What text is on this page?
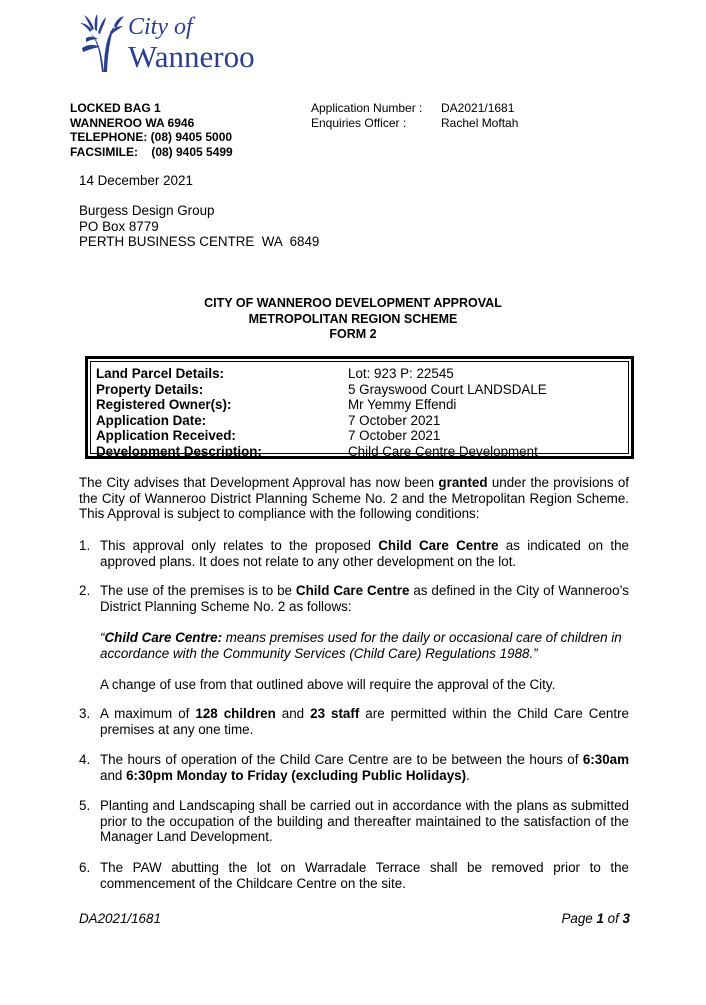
City of
Wanneroo
LOCKED BAG 1
WANNEROO WA 6946
TELEPHONE: (08) 9405 5000
FACSIMILE:    (08) 9405 5499
Application Number :
Enquiries Officer :
DA2021/1681
Rachel Moftah
14 December 2021
Burgess Design Group
PO Box 8779
PERTH BUSINESS CENTRE  WA  6849
CITY OF WANNEROO DEVELOPMENT APPROVAL
METROPOLITAN REGION SCHEME
FORM 2
Land Parcel Details:	Lot: 923 P: 22545
Property Details:	5 Grayswood Court LANDSDALE
Registered Owner(s):	Mr Yemmy Effendi
Application Date:	7 October 2021
Application Received:	7 October 2021
Development Description:	Child Care Centre Development
The City advises that Development Approval has now been granted under the provisions of the City of Wanneroo District Planning Scheme No. 2 and the Metropolitan Region Scheme. This Approval is subject to compliance with the following conditions:
1. This approval only relates to the proposed Child Care Centre as indicated on the approved plans. It does not relate to any other development on the lot.
2. The use of the premises is to be Child Care Centre as defined in the City of Wanneroo’s District Planning Scheme No. 2 as follows:
“Child Care Centre: means premises used for the daily or occasional care of children in accordance with the Community Services (Child Care) Regulations 1988.”
A change of use from that outlined above will require the approval of the City.
3. A maximum of 128 children and 23 staff are permitted within the Child Care Centre premises at any one time.
4. The hours of operation of the Child Care Centre are to be between the hours of 6:30am and 6:30pm Monday to Friday (excluding Public Holidays).
5. Planting and Landscaping shall be carried out in accordance with the plans as submitted prior to the occupation of the building and thereafter maintained to the satisfaction of the Manager Land Development.
6. The PAW abutting the lot on Warradale Terrace shall be removed prior to the commencement of the Childcare Centre on the site.
DA2021/1681	Page 1 of 3
